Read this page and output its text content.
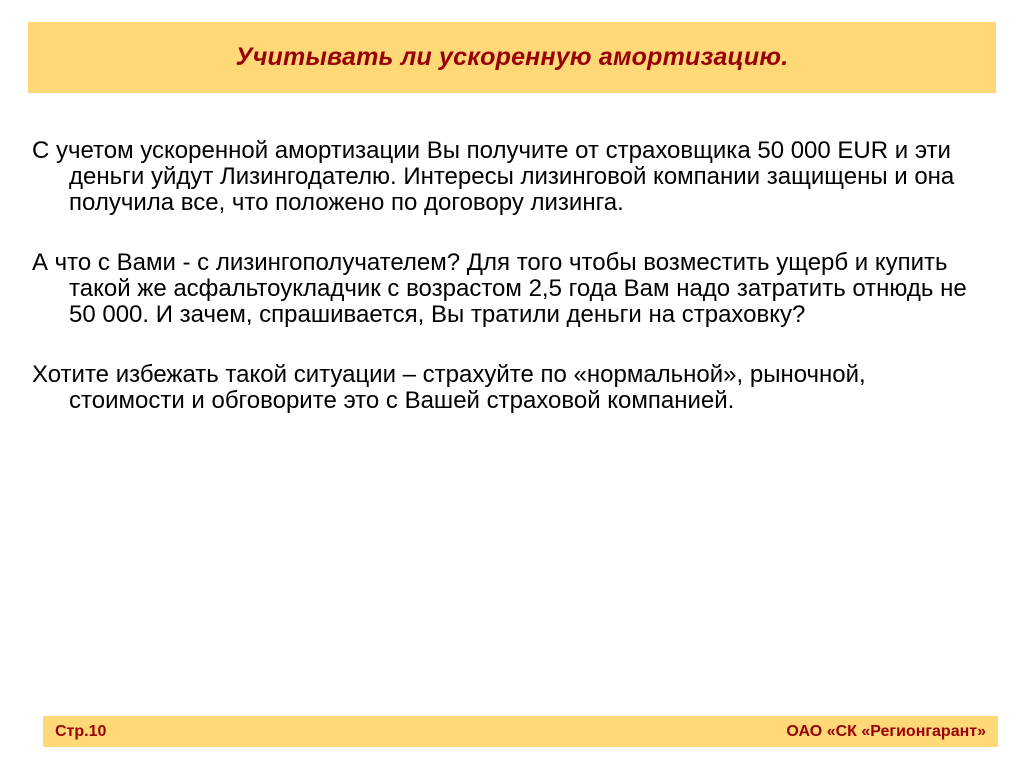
Учитывать ли ускоренную амортизацию.
С учетом ускоренной амортизации Вы получите от страховщика 50 000 EUR и эти деньги уйдут Лизингодателю. Интересы лизинговой компании защищены и она получила все, что положено по договору лизинга.
А что с Вами - с лизингополучателем? Для того чтобы возместить ущерб и купить такой же асфальтоукладчик с возрастом 2,5 года Вам надо затратить отнюдь не 50 000. И зачем, спрашивается, Вы тратили деньги на страховку?
Хотите избежать такой ситуации – страхуйте по «нормальной», рыночной, стоимости и обговорите это с Вашей страховой компанией.
Стр.10	ОАО «СК «Регионгарант»
